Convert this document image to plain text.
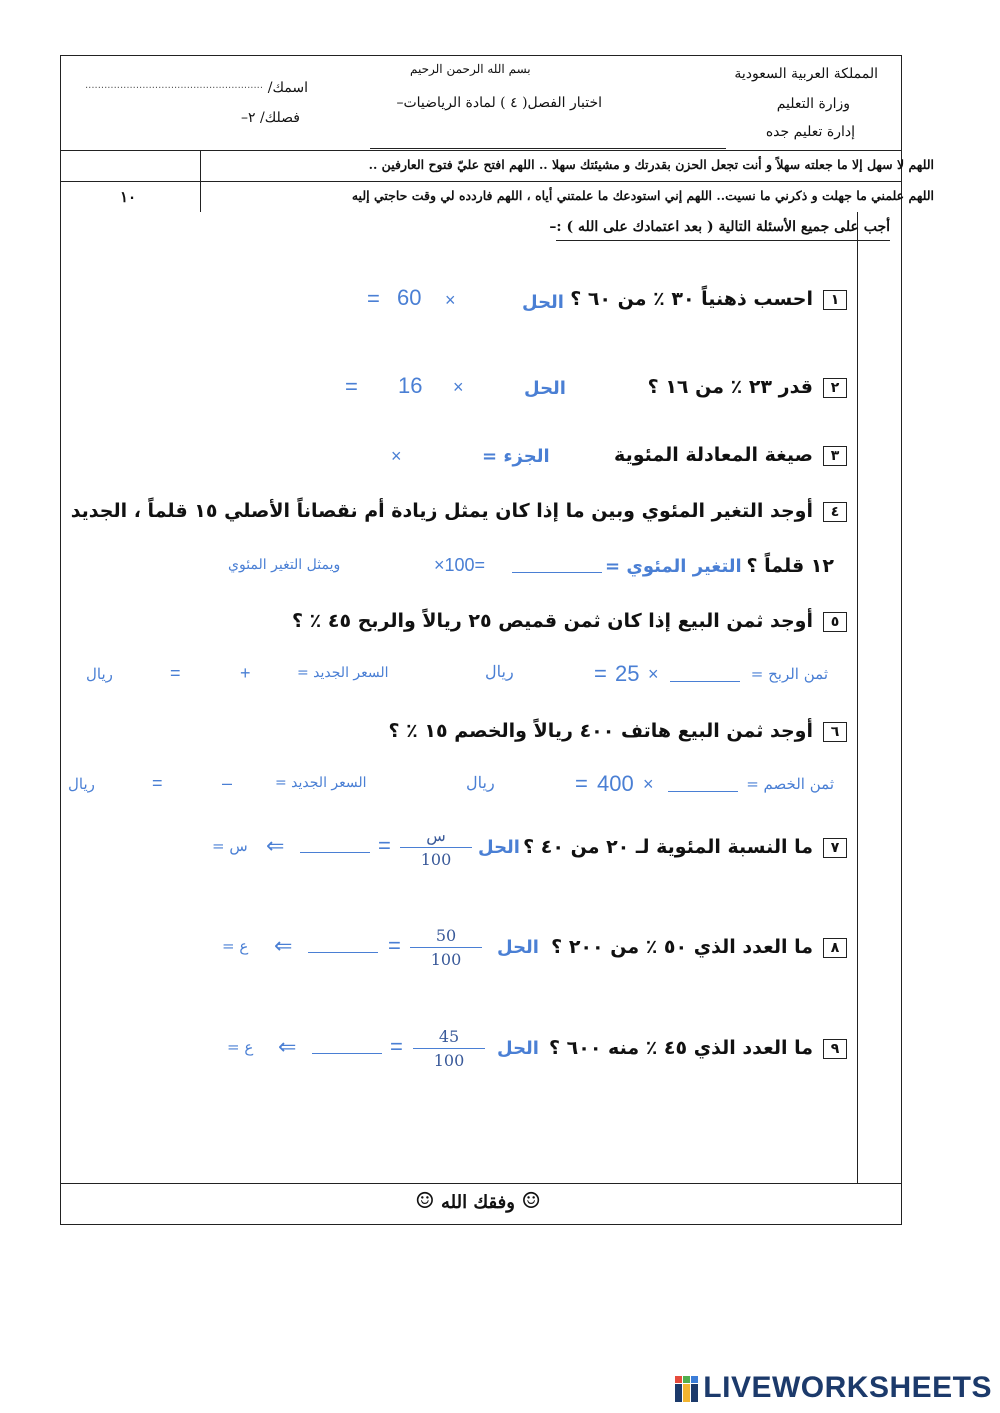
بسم الله الرحمن الرحيم	المملكة العربية السعودية
وزارة التعليم
إدارة تعليم جده
اختبار الفصل( ٤ ) لمادة الرياضيات–
اسمك/
........................................................
فصلك/ ٢–
اللهم لا سهل إلا ما جعلته سهلاً و أنت تجعل الحزن بقدرتك و مشيئتك سهلا .. اللهم افتح عليّ فتوح العارفين ..
اللهم علمني ما جهلت و ذكرني ما نسيت.. اللهم إني استودعك ما علمتني أياه ، اللهم فاردده لي وقت حاجتي إليه
١٠
أجب على جميع الأسئلة التالية ( بعد اعتمادك على الله ) :–
١احسب ذهنياً ٣٠ ٪ من ٦٠ ؟
الحل
×
60
=
٢قدر ٢٣ ٪ من ١٦ ؟
الحل
×
16
=
٣صيغة المعادلة المئوية
الجزء =
×
٤أوجد التغير المئوي وبين ما إذا كان يمثل زيادة أم نقصاناً الأصلي ١٥ قلماً ، الجديد
١٢ قلماً ؟
التغير المئوي =
×100=
ويمثل التغير المئوي
٥أوجد ثمن البيع إذا كان ثمن قميص ٢٥ ريالاً والربح ٤٥ ٪ ؟
ثمن الربح =
×
25
=
ريال
السعر الجديد =
+
=
ريال
٦أوجد ثمن البيع هاتف ٤٠٠ ريالاً والخصم ١٥ ٪ ؟
ثمن الخصم =
×
400
=
ريال
السعر الجديد =
–
=
ريال
٧ما النسبة المئوية لـ ٢٠ من ٤٠ ؟
الحل
س
100
=
⇐
س =
٨ما العدد الذي ٥٠ ٪ من ٢٠٠ ؟
الحل
50
100
=
⇐
ع =
٩ما العدد الذي ٤٥ ٪ منه ٦٠٠ ؟
الحل
45
100
=
⇐
ع =
☺ وفقك الله ☺
LIVEWORKSHEETS
